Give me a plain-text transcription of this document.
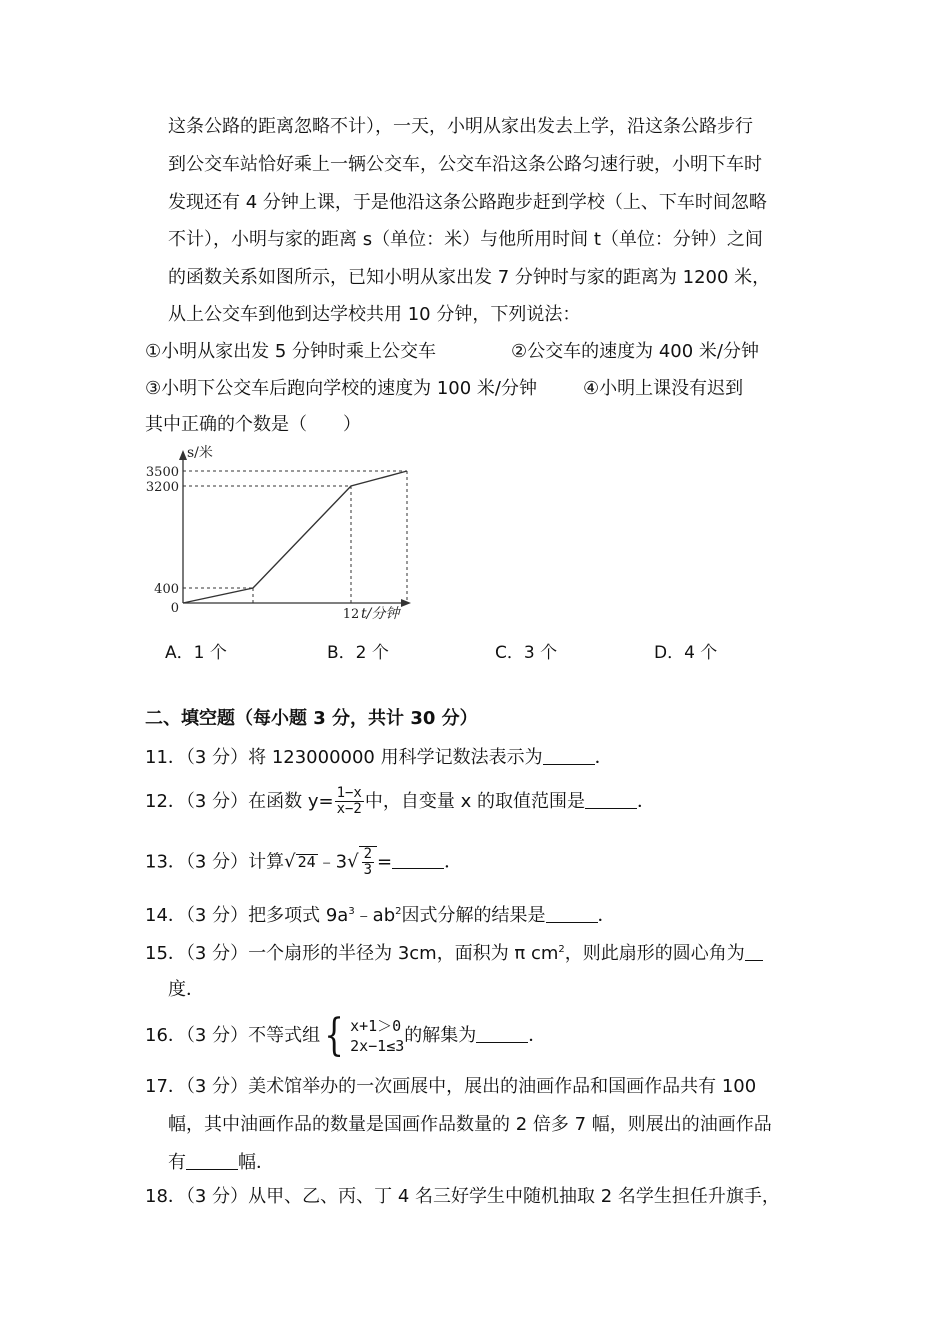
这条公路的距离忽略不计），一天，小明从家出发去上学，沿这条公路步行
到公交车站恰好乘上一辆公交车，公交车沿这条公路匀速行驶，小明下车时
发现还有 4 分钟上课，于是他沿这条公路跑步赶到学校（上、下车时间忽略
不计），小明与家的距离 s（单位：米）与他所用时间 t（单位：分钟）之间
的函数关系如图所示，已知小明从家出发 7 分钟时与家的距离为 1200 米，
从上公交车到他到达学校共用 10 分钟，下列说法：
①小明从家出发 5 分钟时乘上公交车	②公交车的速度为 400 米/分钟
③小明下公交车后跑向学校的速度为 100 米/分钟	④小明上课没有迟到
其中正确的个数是（　　）
3500
3200
400
0	12
s/米
t/分钟
A．1 个	B．2 个	C．3 个	D．4 个
二、填空题（每小题 3 分，共计 30 分）
11．（3 分）将 123000000 用科学记数法表示为	．
12．（3 分）在函数 $y= \frac{1-x}{x-2}$ 中，自变量 x 的取值范围是	．
13．（3 分）计算√ 24 ﹣3√ $\frac{2}{3}$ =	．
14．（3 分）把多项式 $9a^3﹣ab^2$因式分解的结果是	．
15．（3 分）一个扇形的半径为 3cm，面积为 π $cm^2$，则此扇形的圆心角为
度．
16．（3 分）不等式组 { x+1＞0
2x−1≤3 的解集为	．
17．（3 分）美术馆举办的一次画展中，展出的油画作品和国画作品共有 100
幅，其中油画作品的数量是国画作品数量的 2 倍多 7 幅，则展出的油画作品
有	幅．
18．（3 分）从甲、乙、丙、丁 4 名三好学生中随机抽取 2 名学生担任升旗手，
